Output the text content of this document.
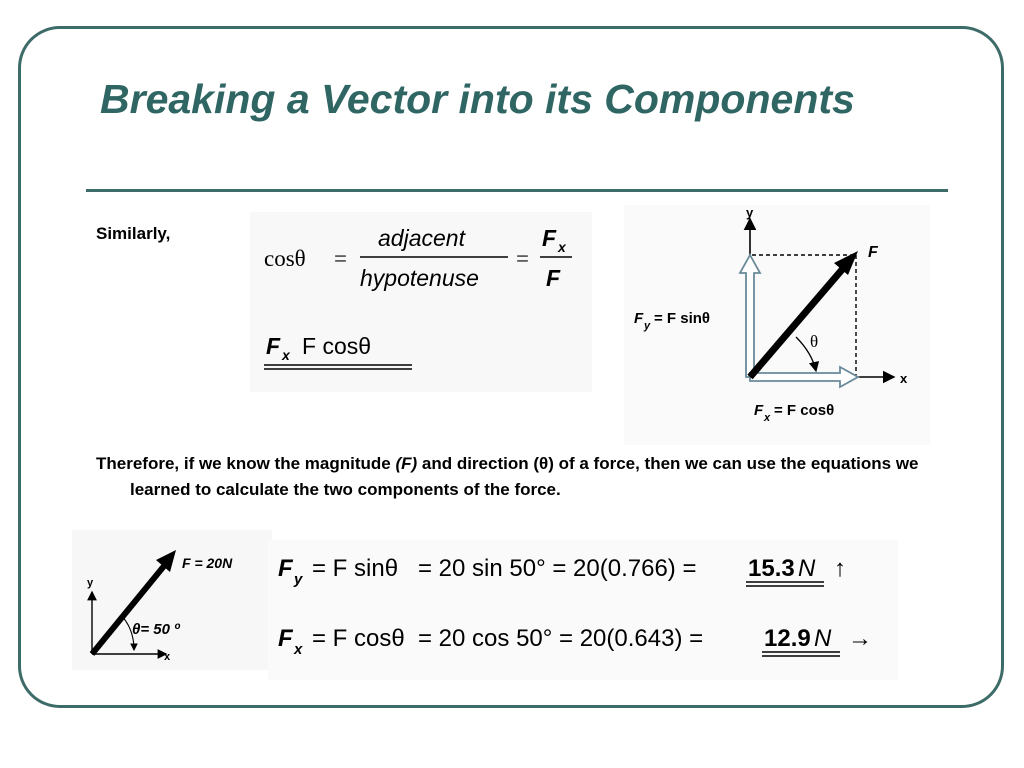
Breaking a Vector into its Components
Similarly,
cosθ =
adjacent
hypotenuse
=
F x
F
F x F cosθ
y
x
F
θ
F y = F sinθ
F x = F cosθ

Therefore, if we know the magnitude (F) and direction (θ) of a force, then we can use the equations we learned to calculate the two components of the force.

y
x
F = 20N
θ= 50 º
F y = F sinθ = 20 sin 50° = 20(0.766) = 15.3 N ↑
F x = F cosθ = 20 cos 50° = 20(0.643) =	12.9 N →
